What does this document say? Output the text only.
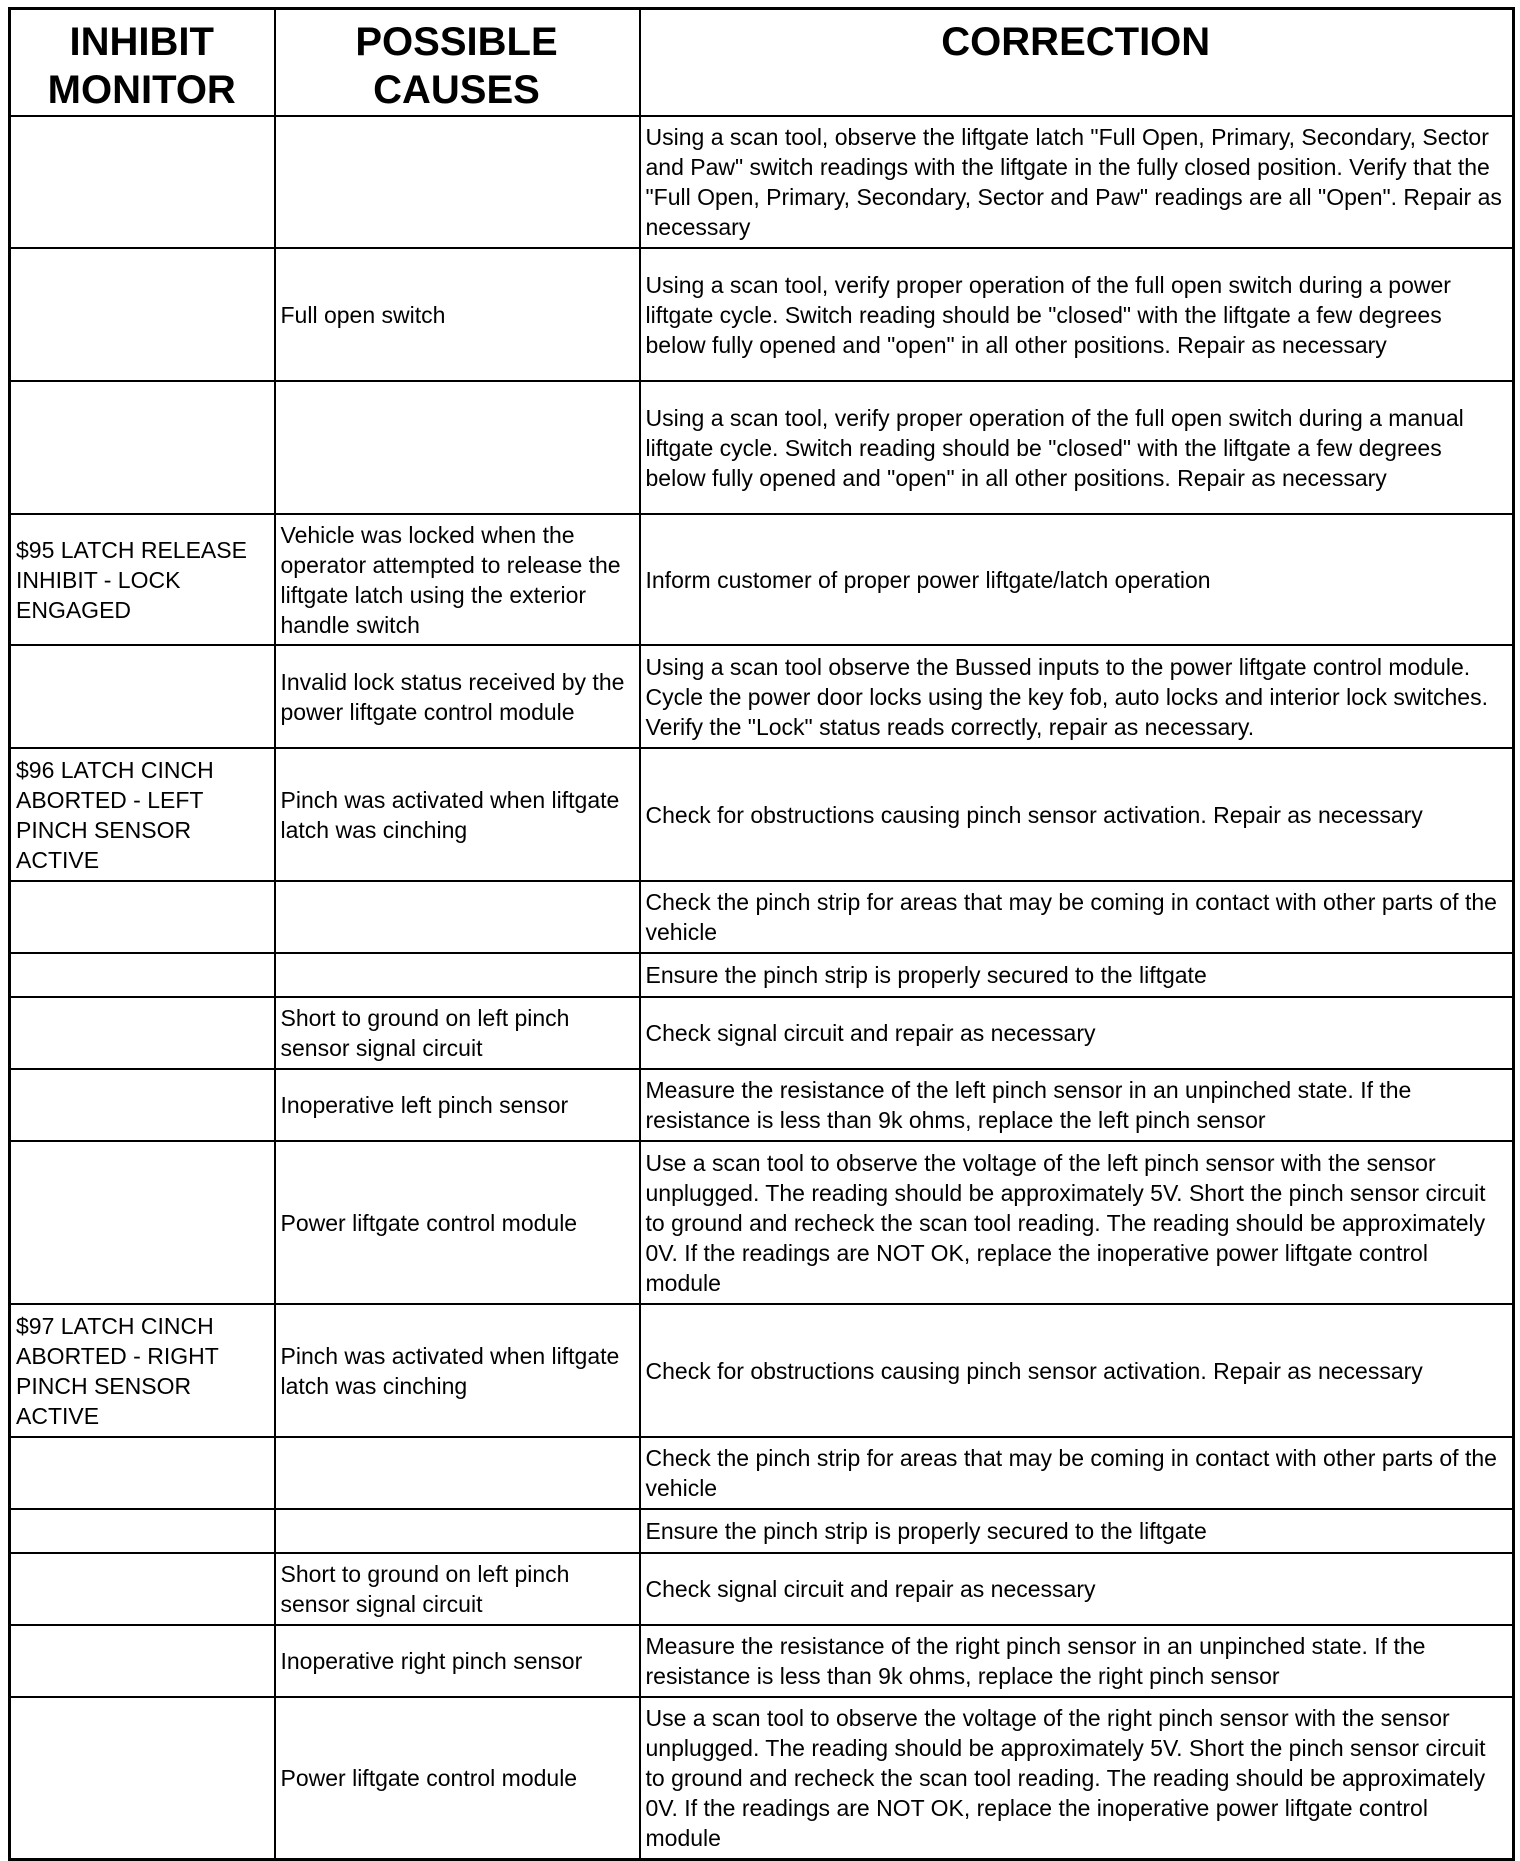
INHIBIT MONITOR	POSSIBLE CAUSES	CORRECTION
		Using a scan tool, observe the liftgate latch "Full Open, Primary, Secondary, Sector and Paw" switch readings with the liftgate in the fully closed position. Verify that the "Full Open, Primary, Secondary, Sector and Paw" readings are all "Open". Repair as necessary
	Full open switch	Using a scan tool, verify proper operation of the full open switch during a power liftgate cycle. Switch reading should be "closed" with the liftgate a few degrees below fully opened and "open" in all other positions. Repair as necessary
		Using a scan tool, verify proper operation of the full open switch during a manual liftgate cycle. Switch reading should be "closed" with the liftgate a few degrees below fully opened and "open" in all other positions. Repair as necessary
$95 LATCH RELEASE INHIBIT - LOCK ENGAGED	Vehicle was locked when the operator attempted to release the liftgate latch using the exterior handle switch	Inform customer of proper power liftgate/latch operation
	Invalid lock status received by the power liftgate control module	Using a scan tool observe the Bussed inputs to the power liftgate control module. Cycle the power door locks using the key fob, auto locks and interior lock switches. Verify the "Lock" status reads correctly, repair as necessary.
$96 LATCH CINCH ABORTED - LEFT PINCH SENSOR ACTIVE	Pinch was activated when liftgate latch was cinching	Check for obstructions causing pinch sensor activation. Repair as necessary
		Check the pinch strip for areas that may be coming in contact with other parts of the vehicle
		Ensure the pinch strip is properly secured to the liftgate
	Short to ground on left pinch sensor signal circuit	Check signal circuit and repair as necessary
	Inoperative left pinch sensor	Measure the resistance of the left pinch sensor in an unpinched state. If the resistance is less than 9k ohms, replace the left pinch sensor
	Power liftgate control module	Use a scan tool to observe the voltage of the left pinch sensor with the sensor unplugged. The reading should be approximately 5V. Short the pinch sensor circuit to ground and recheck the scan tool reading. The reading should be approximately 0V. If the readings are NOT OK, replace the inoperative power liftgate control module
$97 LATCH CINCH ABORTED - RIGHT PINCH SENSOR ACTIVE	Pinch was activated when liftgate latch was cinching	Check for obstructions causing pinch sensor activation. Repair as necessary
		Check the pinch strip for areas that may be coming in contact with other parts of the vehicle
		Ensure the pinch strip is properly secured to the liftgate
	Short to ground on left pinch sensor signal circuit	Check signal circuit and repair as necessary
	Inoperative right pinch sensor	Measure the resistance of the right pinch sensor in an unpinched state. If the resistance is less than 9k ohms, replace the right pinch sensor
	Power liftgate control module	Use a scan tool to observe the voltage of the right pinch sensor with the sensor unplugged. The reading should be approximately 5V. Short the pinch sensor circuit to ground and recheck the scan tool reading. The reading should be approximately 0V. If the readings are NOT OK, replace the inoperative power liftgate control module
